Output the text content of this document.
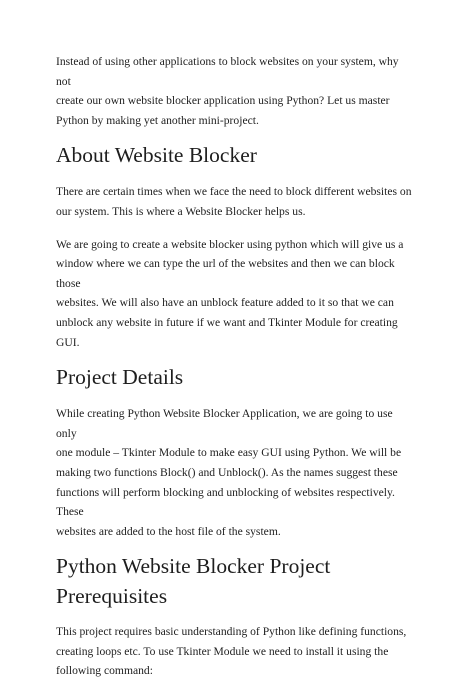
Instead of using other applications to block websites on your system, why not
create our own website blocker application using Python? Let us master
Python by making yet another mini-project.

About Website Blocker

There are certain times when we face the need to block different websites on
our system. This is where a Website Blocker helps us.

We are going to create a website blocker using python which will give us a
window where we can type the url of the websites and then we can block those
websites. We will also have an unblock feature added to it so that we can
unblock any website in future if we want and Tkinter Module for creating GUI.

Project Details

While creating Python Website Blocker Application, we are going to use only
one module – Tkinter Module to make easy GUI using Python. We will be
making two functions Block() and Unblock(). As the names suggest these
functions will perform blocking and unblocking of websites respectively. These
websites are added to the host file of the system.

Python Website Blocker Project
Prerequisites

This project requires basic understanding of Python like defining functions,
creating loops etc. To use Tkinter Module we need to install it using the
following command:
